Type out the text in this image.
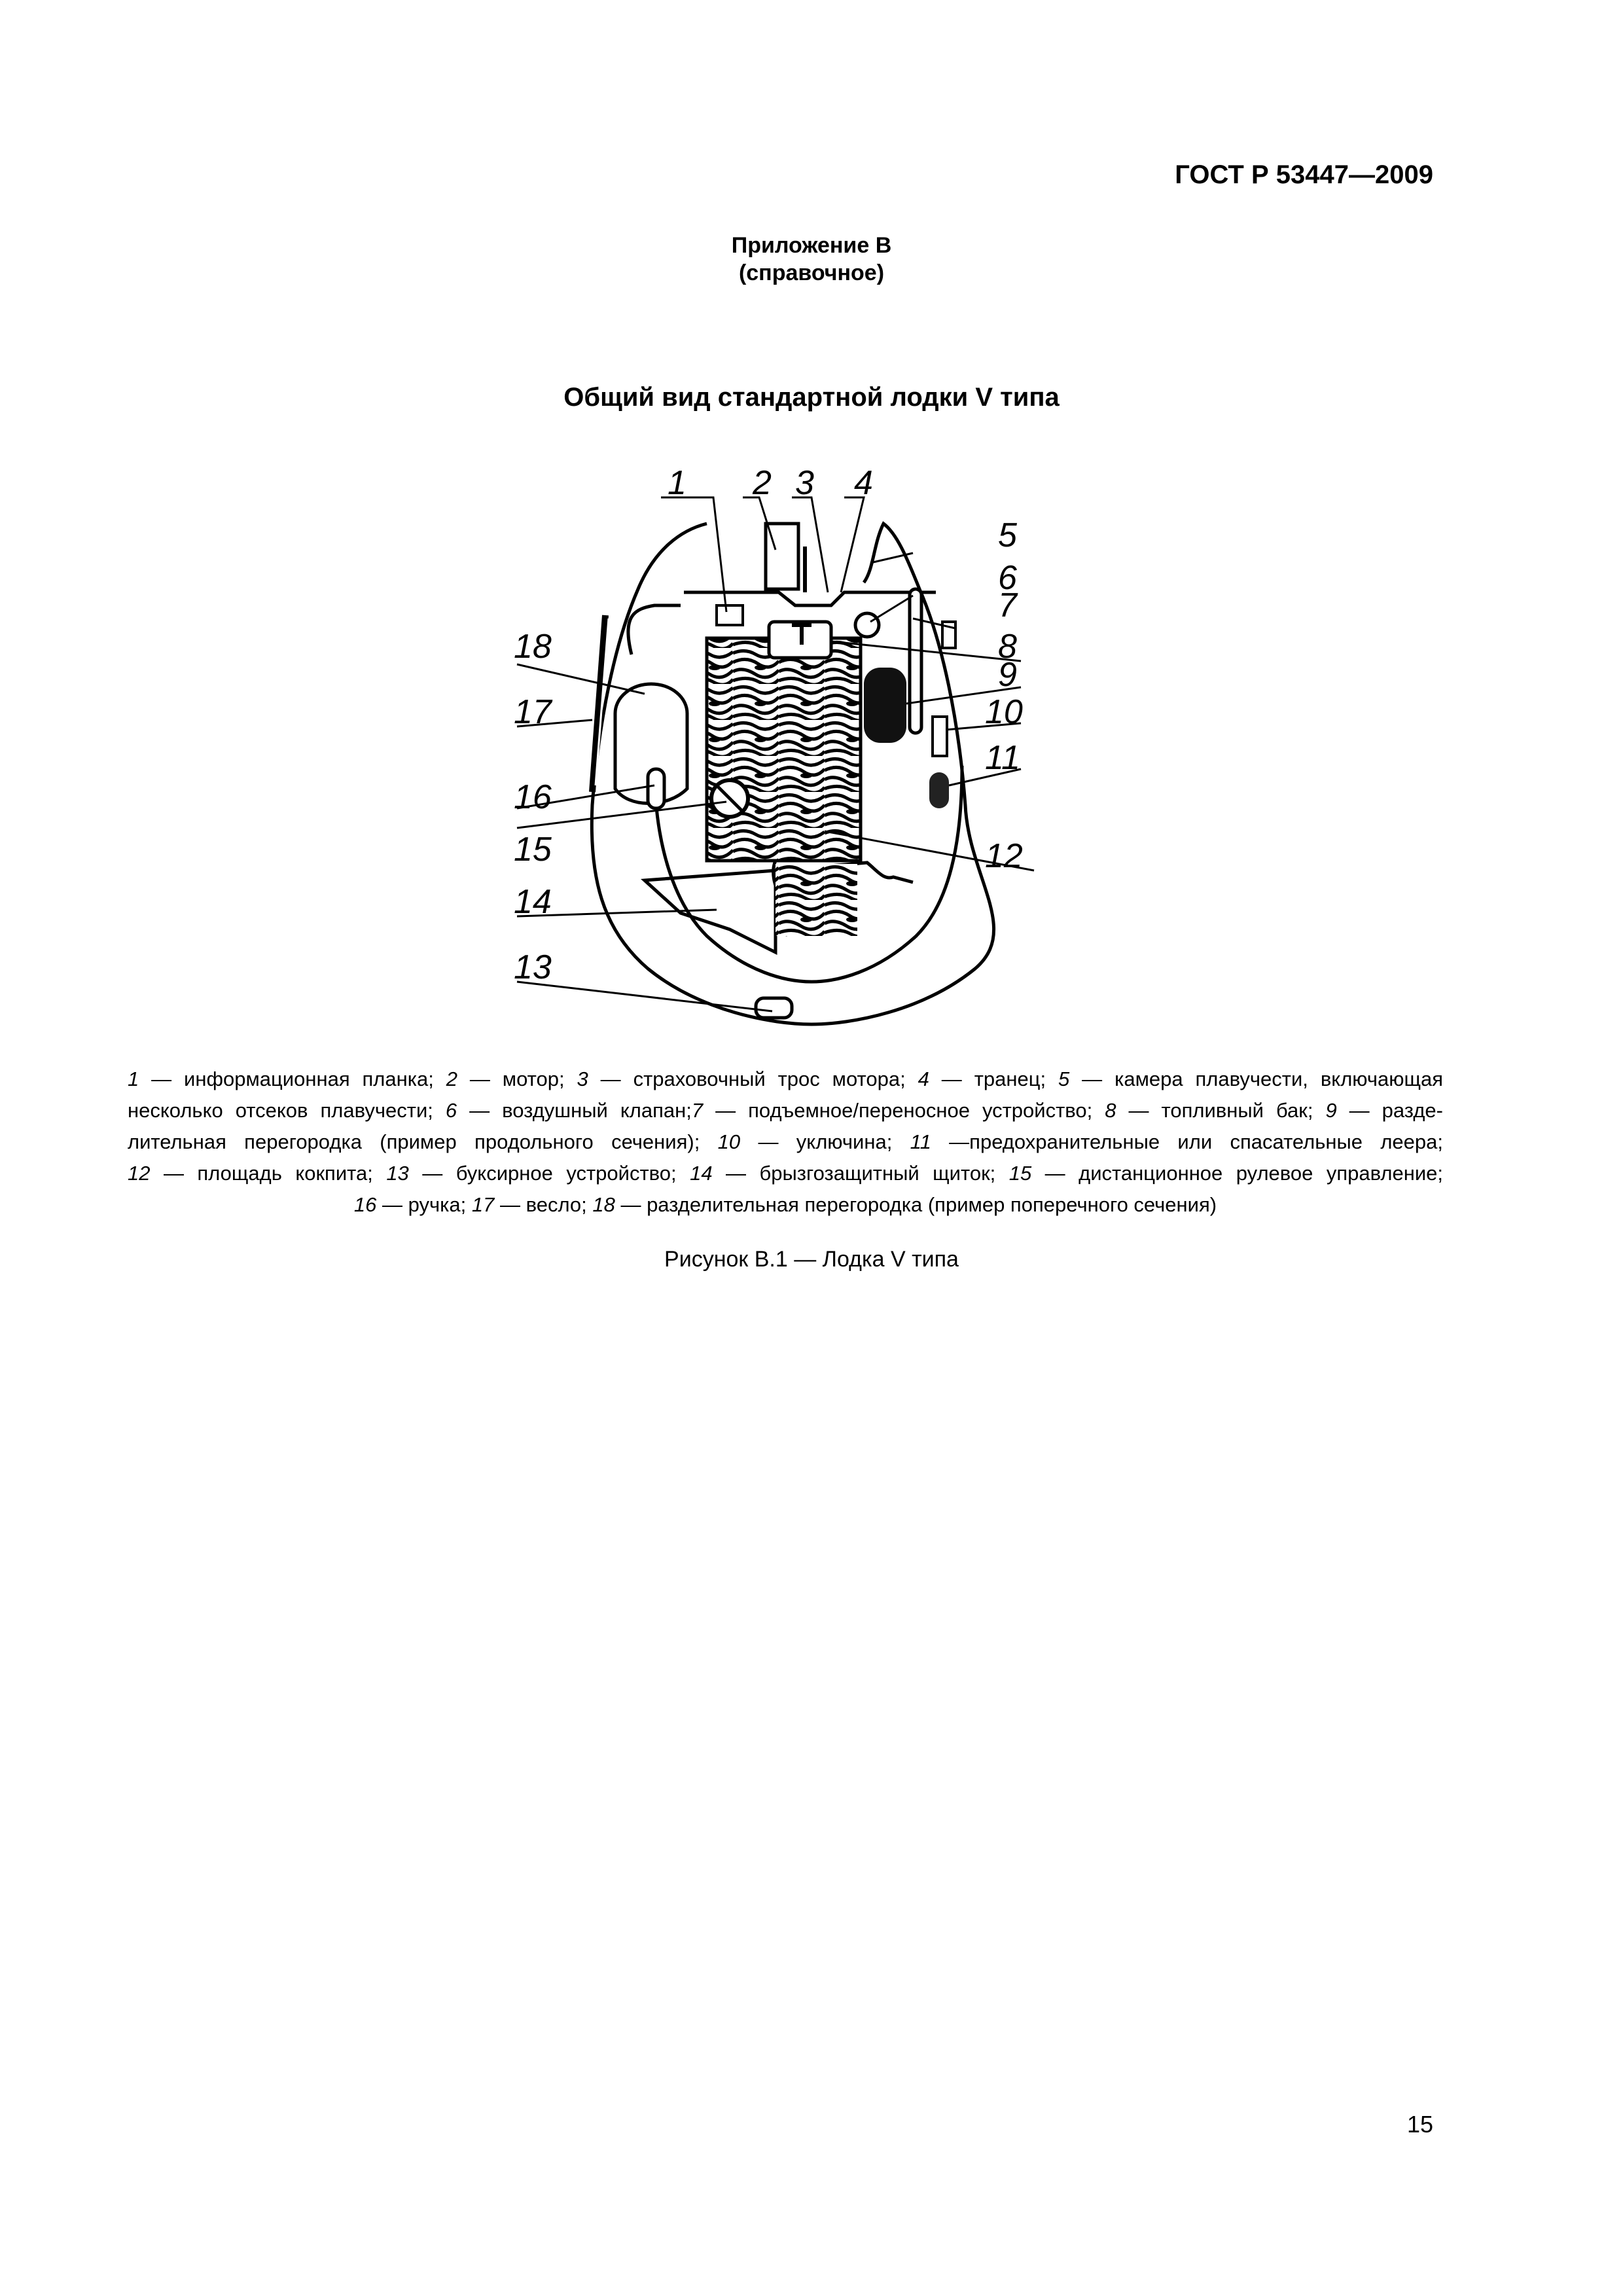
ГОСТ Р 53447—2009
Приложение В
(справочное)
Общий вид стандартной лодки V типа
1 2 3 4
5
6
7
8
9
10
11
12
13
14
15
16
17
18
1 — информационная планка; 2 — мотор; 3 — страховочный трос мотора; 4 — транец; 5 — камера плавучести, включающая
несколько отсеков плавучести; 6 — воздушный клапан;7 — подъемное/переносное устройство; 8 — топливный бак; 9 — разде-
лительная перегородка (пример продольного сечения); 10 — уключина; 11 —предохранительные или спасательные леера;
12 — площадь кокпита; 13 — буксирное устройство; 14 — брызгозащитный щиток; 15 — дистанционное рулевое управление;
16 — ручка; 17 — весло; 18 — разделительная перегородка (пример поперечного сечения)
Рисунок В.1 — Лодка V типа
15
